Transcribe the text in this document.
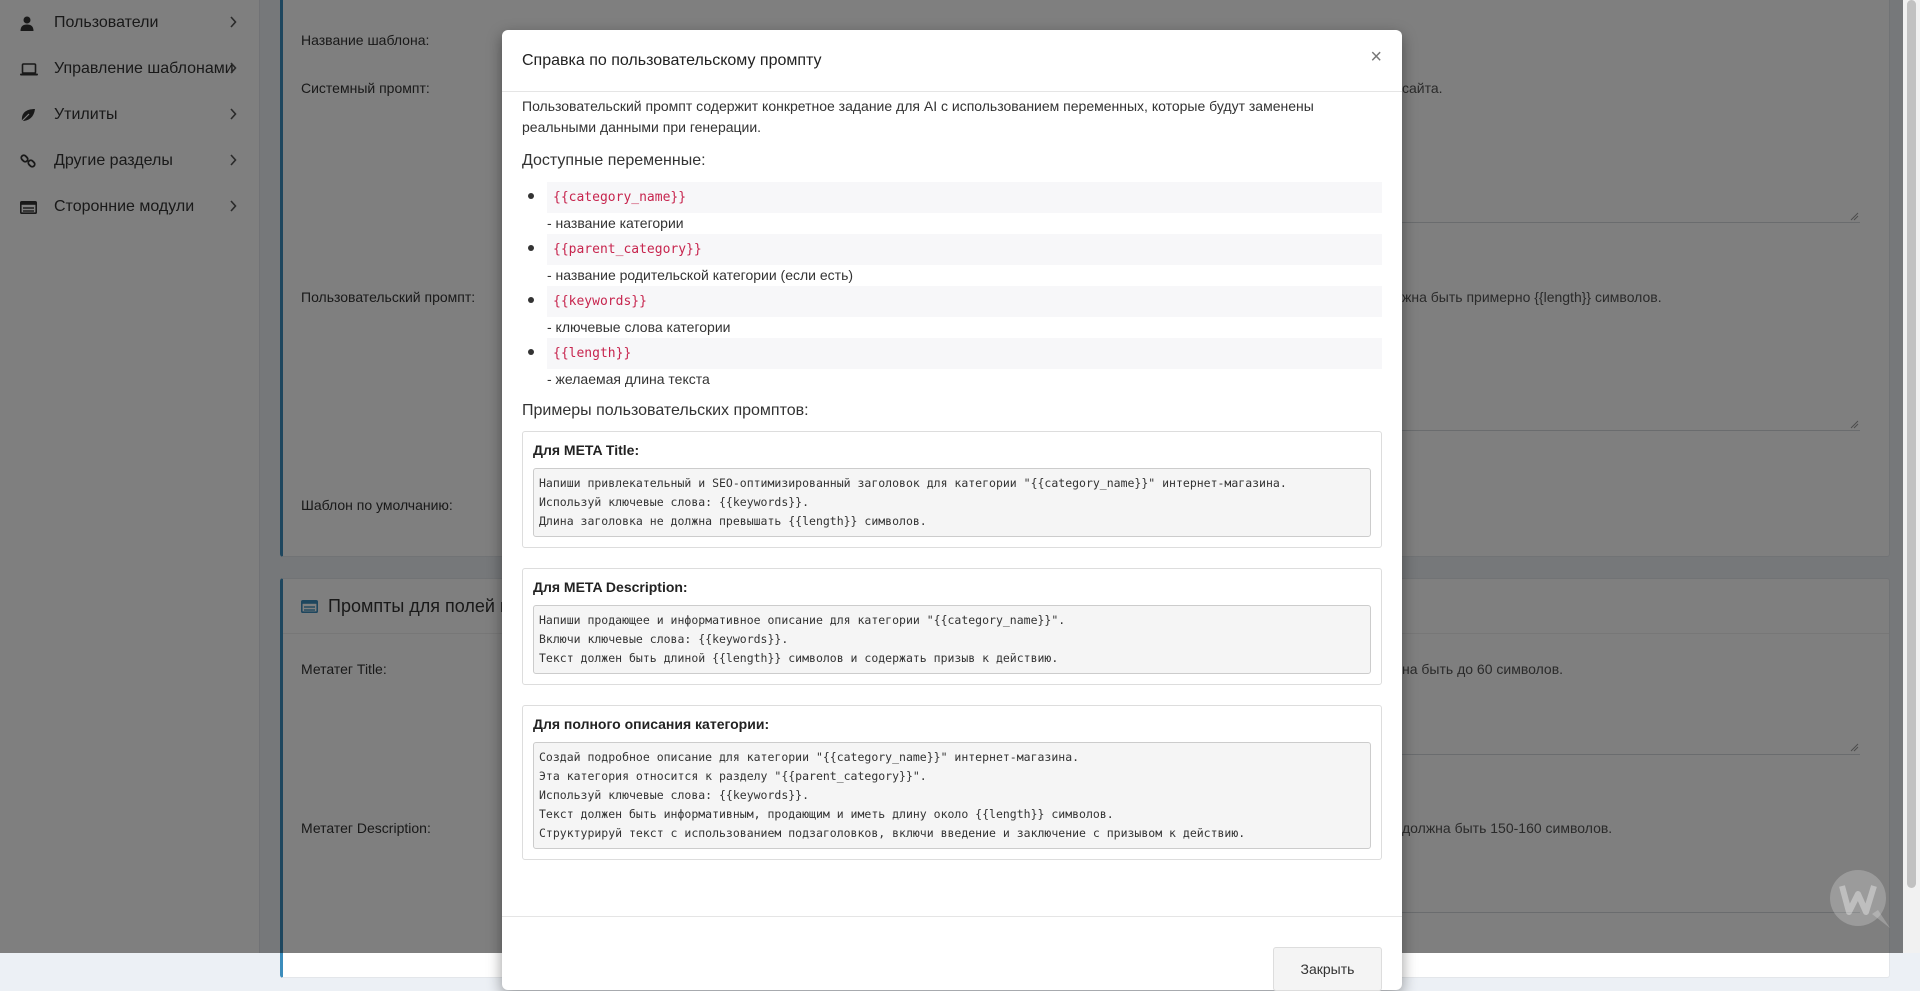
Справка по пользовательскому промпту	×

Пользовательский промпт содержит конкретное задание для AI с использованием переменных, которые будут заменены реальными данными при генерации.

Доступные переменные:
{{category_name}}
- название категории
{{parent_category}}
- название родительской категории (если есть)
{{keywords}}
- ключевые слова категории
{{length}}
- желаемая длина текста
Примеры пользовательских промптов:
Для META Title:
Напиши привлекательный и SEO-оптимизированный заголовок для категории "{{category_name}}" интернет-магазина.
Используй ключевые слова: {{keywords}}.
Длина заголовка не должна превышать {{length}} символов.
Для META Description:
Напиши продающее и информативное описание для категории "{{category_name}}".
Включи ключевые слова: {{keywords}}.
Текст должен быть длиной {{length}} символов и содержать призыв к действию.
Для полного описания категории:
Создай подробное описание для категории "{{category_name}}" интернет-магазина.
Эта категория относится к разделу "{{parent_category}}".
Используй ключевые слова: {{keywords}}.
Текст должен быть информативным, продающим и иметь длину около {{length}} символов.
Структурируй текст с использованием подзаголовков, включи введение и заключение с призывом к действию.
Закрыть
